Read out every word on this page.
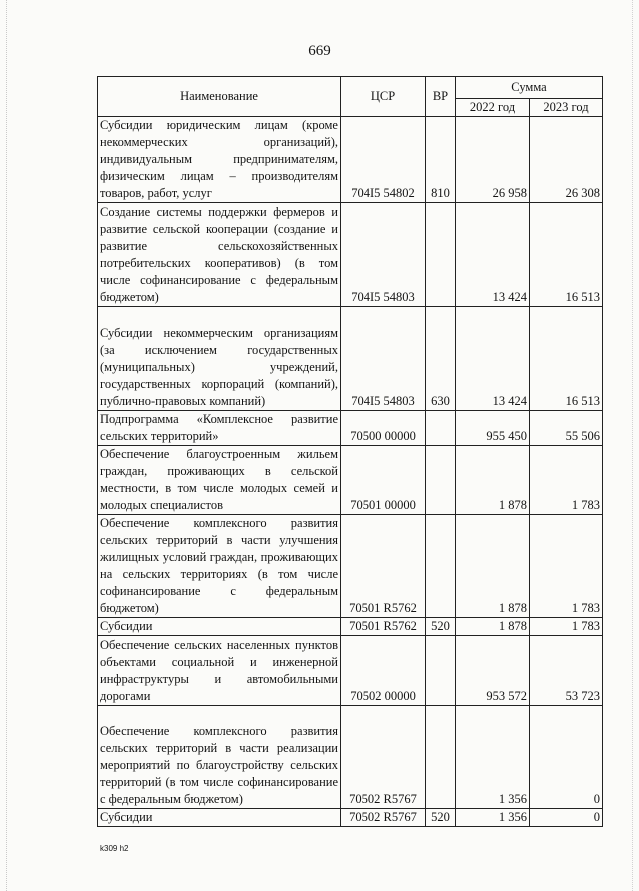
669
Наименование	ЦСР	ВР	Сумма	
			2022 год	2023 год
Субсидии юридическим лицам (кроме некоммерческих организаций), индивидуальным предпринимателям, физическим лицам – производителям товаров, работ, услуг	704I5 54802	810	26 958	26 308
Создание системы поддержки фермеров и развитие сельской кооперации (создание и развитие сельскохозяйственных потребительских кооперативов) (в том числе софинансирование с федеральным бюджетом)	704I5 54803		13 424	16 513
Субсидии некоммерческим организациям (за исключением государственных (муниципальных) учреждений, государственных корпораций (компаний), публично-правовых компаний)	704I5 54803	630	13 424	16 513
Подпрограмма «Комплексное развитие сельских территорий»	70500 00000		955 450	55 506
Обеспечение благоустроенным жильем граждан, проживающих в сельской местности, в том числе молодых семей и молодых специалистов	70501 00000		1 878	1 783
Обеспечение комплексного развития сельских территорий в части улучшения жилищных условий граждан, проживающих на сельских территориях (в том числе софинансирование с федеральным бюджетом)	70501 R5762		1 878	1 783
Субсидии	70501 R5762	520	1 878	1 783
Обеспечение сельских населенных пунктов объектами социальной и инженерной инфраструктуры и автомобильными дорогами	70502 00000		953 572	53 723
Обеспечение комплексного развития сельских территорий в части реализации мероприятий по благоустройству сельских территорий (в том числе софинансирование с федеральным бюджетом)	70502 R5767		1 356	0
Субсидии	70502 R5767	520	1 356	0
k309 h2
